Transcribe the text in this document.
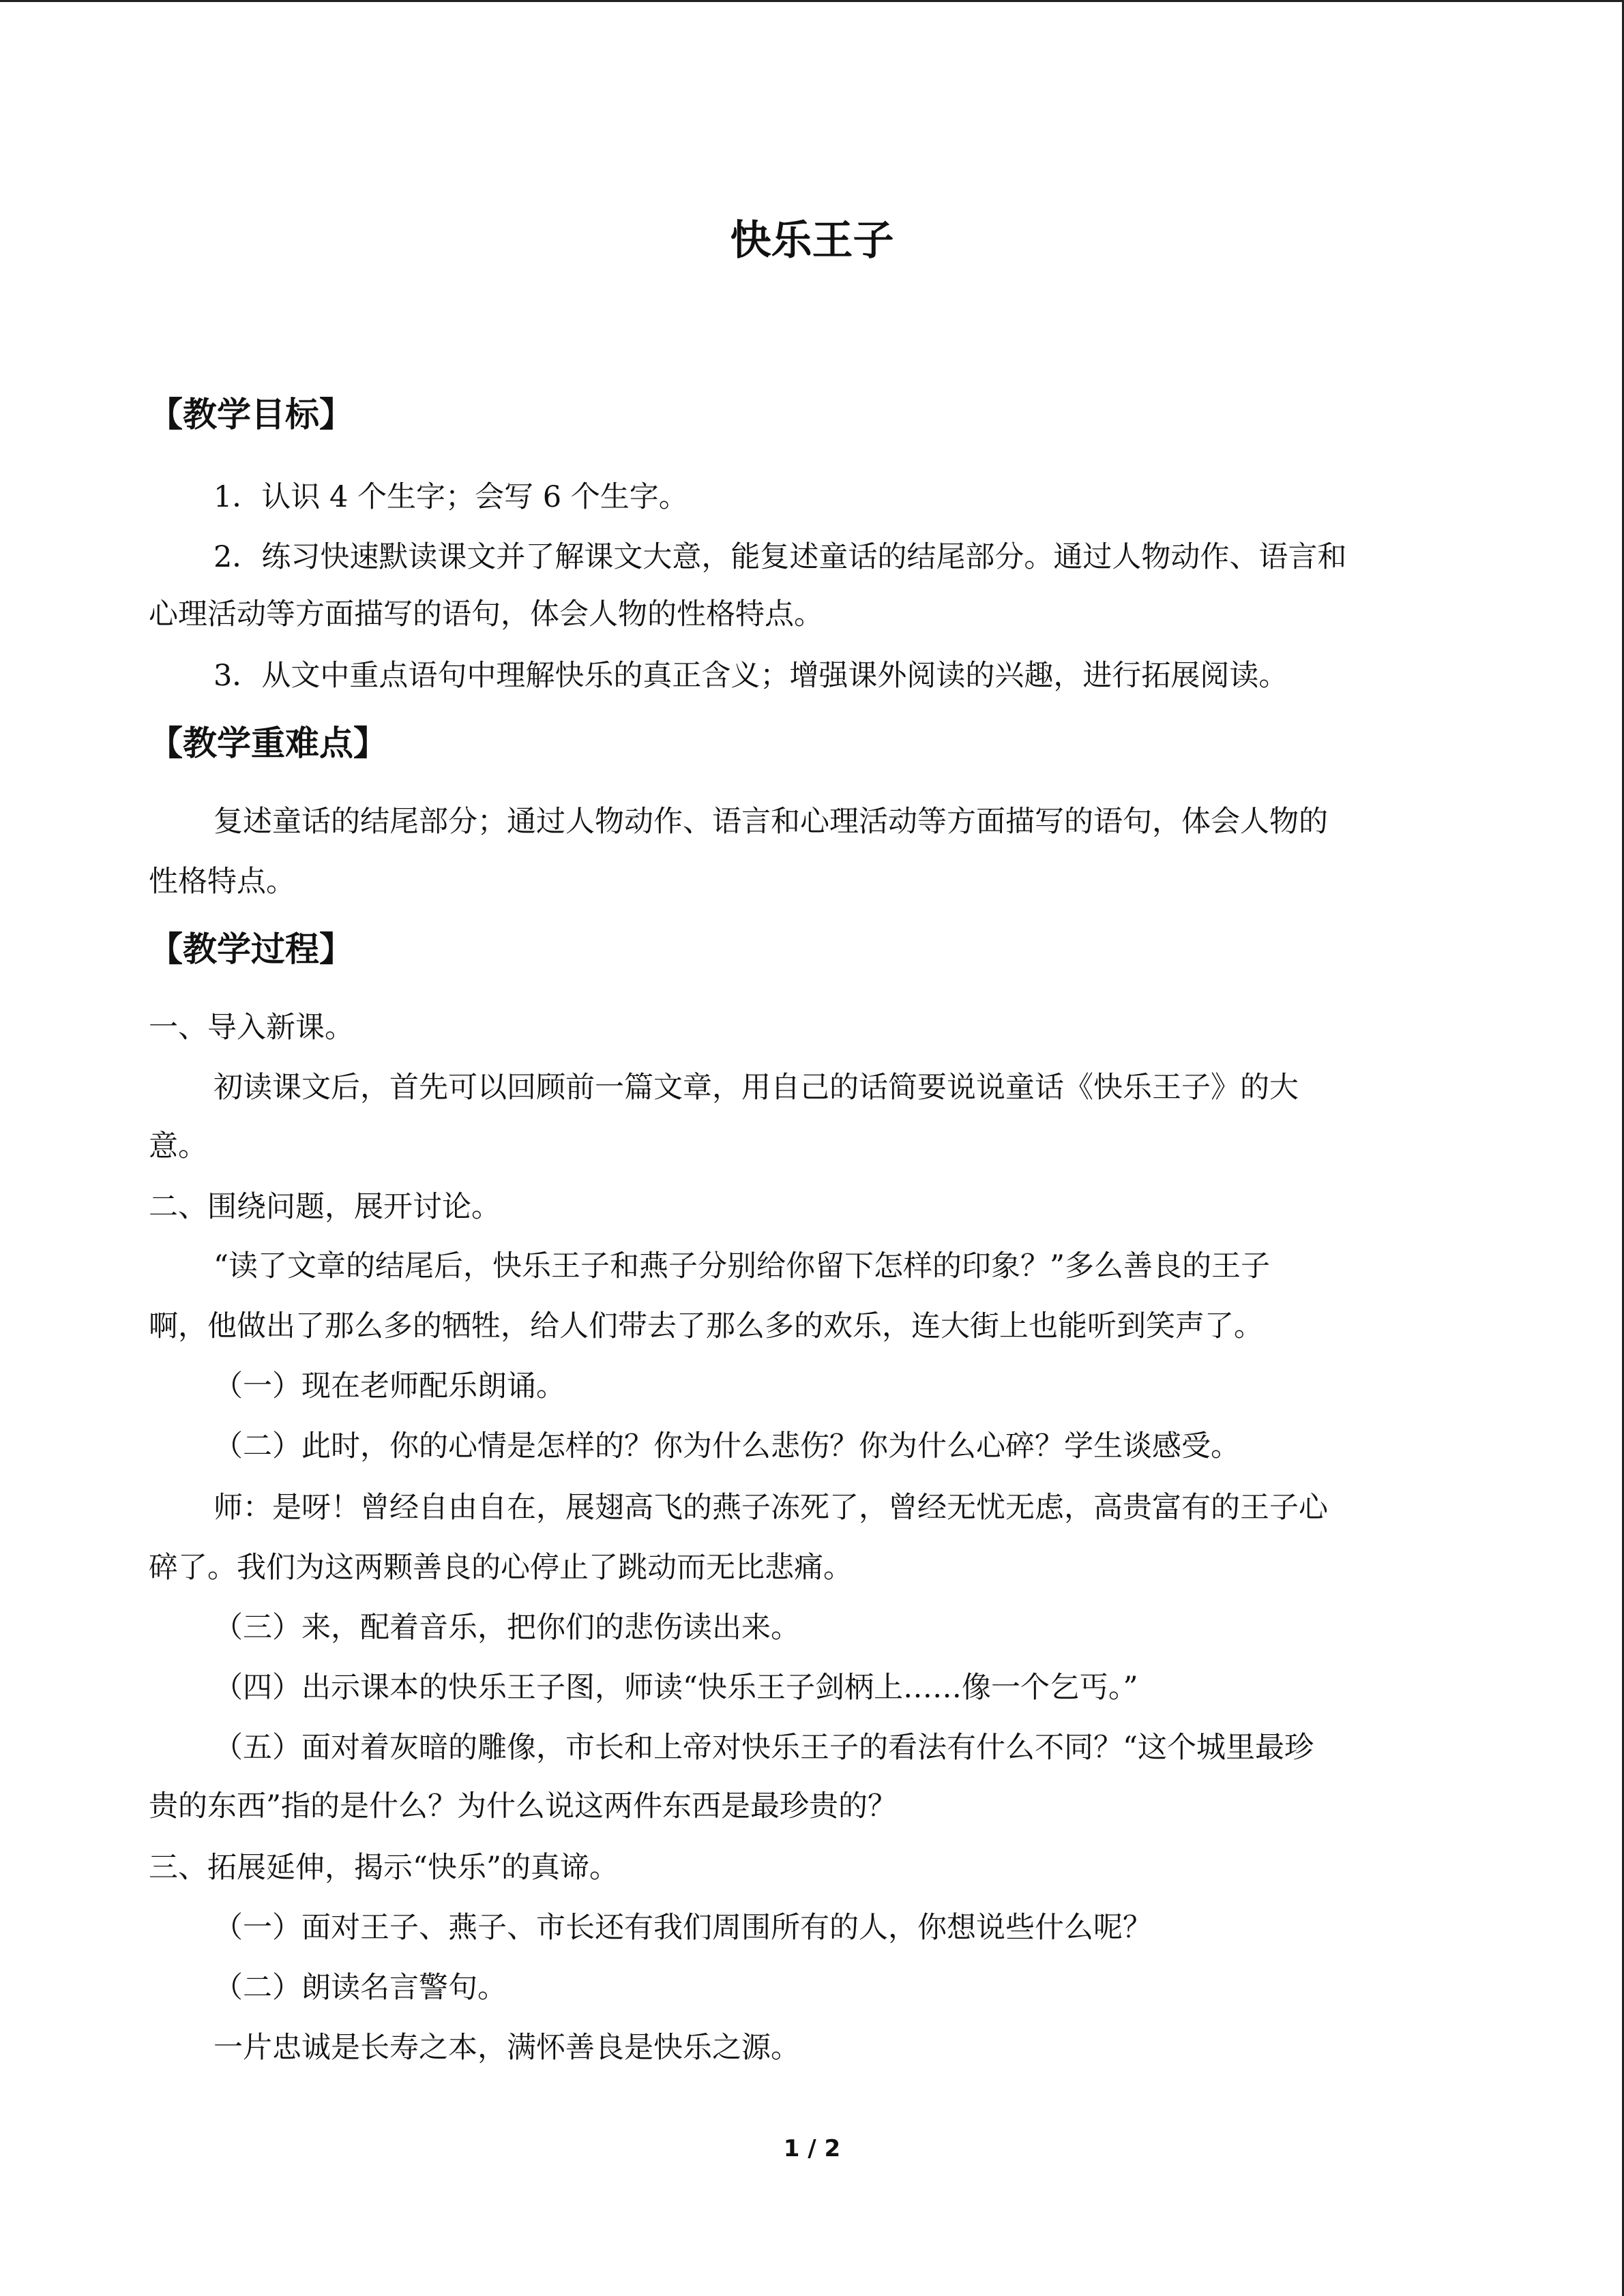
快乐王子
【教学目标】
1．认识 4 个生字；会写 6 个生字。
2．练习快速默读课文并了解课文大意，能复述童话的结尾部分。通过人物动作、语言和
心理活动等方面描写的语句，体会人物的性格特点。
3．从文中重点语句中理解快乐的真正含义；增强课外阅读的兴趣，进行拓展阅读。
【教学重难点】
复述童话的结尾部分；通过人物动作、语言和心理活动等方面描写的语句，体会人物的
性格特点。
【教学过程】
一、导入新课。
初读课文后，首先可以回顾前一篇文章，用自己的话简要说说童话《快乐王子》的大
意。
二、围绕问题，展开讨论。
“读了文章的结尾后，快乐王子和燕子分别给你留下怎样的印象？”多么善良的王子
啊，他做出了那么多的牺牲，给人们带去了那么多的欢乐，连大街上也能听到笑声了。
（一）现在老师配乐朗诵。
（二）此时，你的心情是怎样的？你为什么悲伤？你为什么心碎？学生谈感受。
师：是呀！曾经自由自在，展翅高飞的燕子冻死了，曾经无忧无虑，高贵富有的王子心
碎了。我们为这两颗善良的心停止了跳动而无比悲痛。
（三）来，配着音乐，把你们的悲伤读出来。
（四）出示课本的快乐王子图，师读“快乐王子剑柄上……像一个乞丐。”
（五）面对着灰暗的雕像，市长和上帝对快乐王子的看法有什么不同？“这个城里最珍
贵的东西”指的是什么？为什么说这两件东西是最珍贵的？
三、拓展延伸，揭示“快乐”的真谛。
（一）面对王子、燕子、市长还有我们周围所有的人，你想说些什么呢？
（二）朗读名言警句。
一片忠诚是长寿之本，满怀善良是快乐之源。
1 / 2
